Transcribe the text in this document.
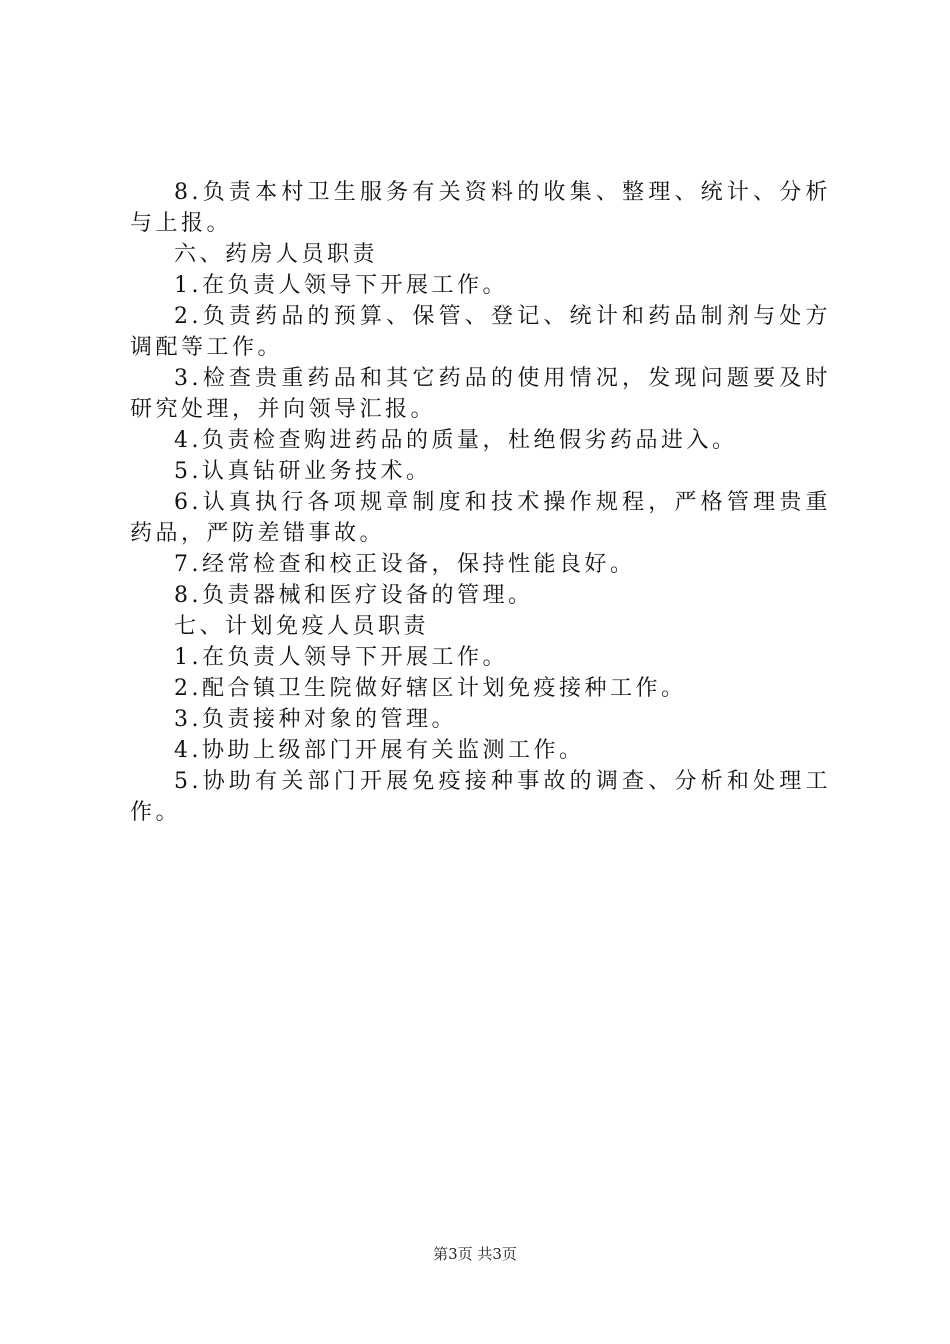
8.负责本村卫生服务有关资料的收集、整理、统计、分析与上报。

六、药房人员职责

1.在负责人领导下开展工作。

2.负责药品的预算、保管、登记、统计和药品制剂与处方调配等工作。

3.检查贵重药品和其它药品的使用情况，发现问题要及时研究处理，并向领导汇报。

4.负责检查购进药品的质量，杜绝假劣药品进入。

5.认真钻研业务技术。

6.认真执行各项规章制度和技术操作规程，严格管理贵重药品，严防差错事故。

7.经常检查和校正设备，保持性能良好。

8.负责器械和医疗设备的管理。

七、计划免疫人员职责

1.在负责人领导下开展工作。

2.配合镇卫生院做好辖区计划免疫接种工作。

3.负责接种对象的管理。

4.协助上级部门开展有关监测工作。

5.协助有关部门开展免疫接种事故的调查、分析和处理工作。

第3页 共3页
